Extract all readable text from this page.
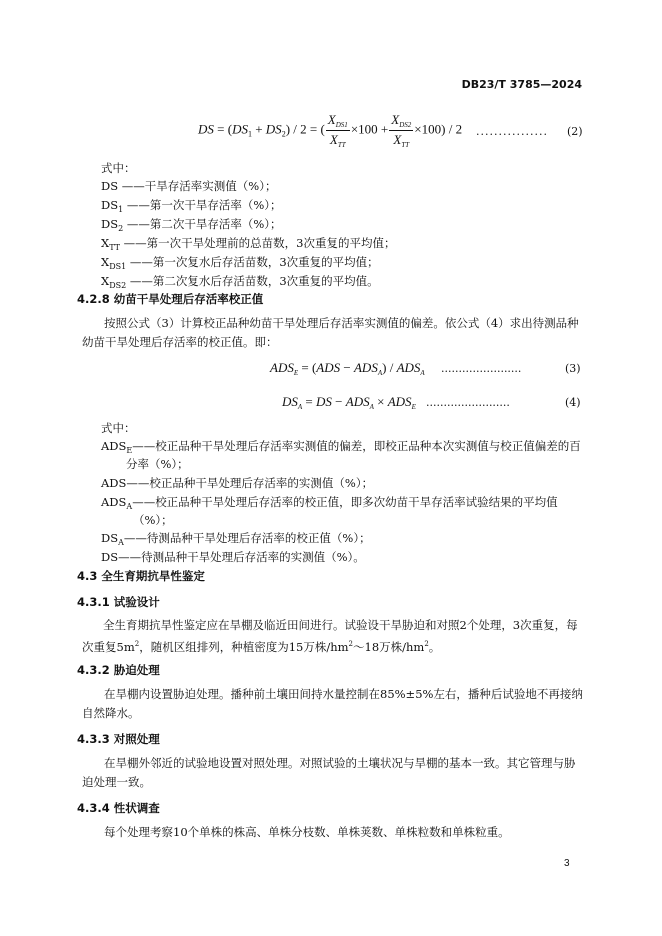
DB23/T 3785—2024
DS = $(DS_1 + DS_2) / 2$ = ( $\frac{X_{DS1}}{X_{TT}} \times 100 + \frac{X_{DS2}}{X_{TT}} \times 100) / 2$ ................ (2)
式中：
DS ——干旱存活率实测值（%）；
$DS_1$ ——第一次干旱存活率（%）；
$DS_2$ ——第二次干旱存活率（%）；
$X_{TT}$ ——第一次干旱处理前的总苗数，3次重复的平均值；
$X_{DS1}$ ——第一次复水后存活苗数，3次重复的平均值；
$X_{DS2}$ ——第二次复水后存活苗数，3次重复的平均值。
4.2.8 幼苗干旱处理后存活率校正值
按照公式（3）计算校正品种幼苗干旱处理后存活率实测值的偏差。依公式（4）求出待测品种幼苗干旱处理后存活率的校正值。即：
$ADS_E = (ADS - ADS_A) / ADS_A$ .......................	(3)
$DS_A$ = DS − $ADS_A \times ADS_E$ ........................	(4)
式中：
$ADS_E——$校正品种干旱处理后存活率实测值的偏差，即校正品种本次实测值与校正值偏差的百
分率（%）；
ADS——校正品种干旱处理后存活率的实测值（%）；
$ADS_A——$校正品种干旱处理后存活率的校正值，即多次幼苗干旱存活率试验结果的平均值
（%）；
$DS_A——$待测品种干旱处理后存活率的校正值（%）；
DS——待测品种干旱处理后存活率的实测值（%）。
4.3 全生育期抗旱性鉴定
4.3.1 试验设计
全生育期抗旱性鉴定应在旱棚及临近田间进行。试验设干旱胁迫和对照2个处理，3次重复，每
次重复$5m^2$，随机区组排列，种植密度为15万株$/hm^2\sim 18$万株$/hm^2$。
4.3.2 胁迫处理
在旱棚内设置胁迫处理。播种前土壤田间持水量控制在85%±5%左右，播种后试验地不再接纳自然降水。
4.3.3 对照处理
在旱棚外邻近的试验地设置对照处理。对照试验的土壤状况与旱棚的基本一致。其它管理与胁迫处理一致。
4.3.4 性状调查
每个处理考察10个单株的株高、单株分枝数、单株荚数、单株粒数和单株粒重。
3
